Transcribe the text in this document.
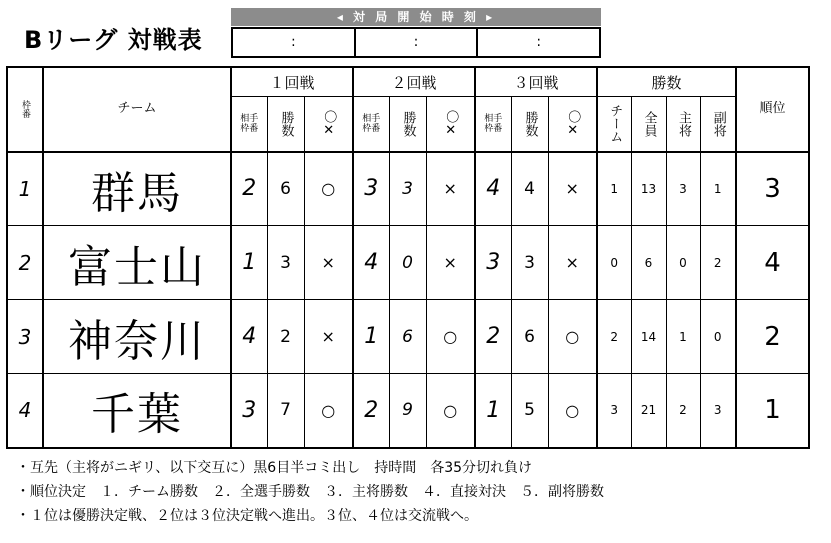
Bリーグ 対戦表
◂ 対 局 開 始 時 刻 ▸
:	:	:
枠番	チーム	１回戦			２回戦			３回戦			勝数				順位

		相手枠番	勝数	〇✕	相手枠番	勝数	〇✕	相手枠番	勝数	〇✕	チーム	全員	主将	副将	

1	群馬	2	6	○	3	3	×	4	4	×	1	13	3	1	3
2	富士山	1	3	×	4	0	×	3	3	×	0	6	0	2	4
3	神奈川	4	2	×	1	6	○	2	6	○	2	14	1	0	2
4	千葉	3	7	○	2	9	○	1	5	○	3	21	2	3	1
・互先（主将がニギリ、以下交互に）黒6目半コミ出し　持時間　各35分切れ負け
・順位決定　１．チーム勝数　２．全選手勝数　３．主将勝数　４．直接対決　５．副将勝数
・１位は優勝決定戦、２位は３位決定戦へ進出。３位、４位は交流戦へ。
